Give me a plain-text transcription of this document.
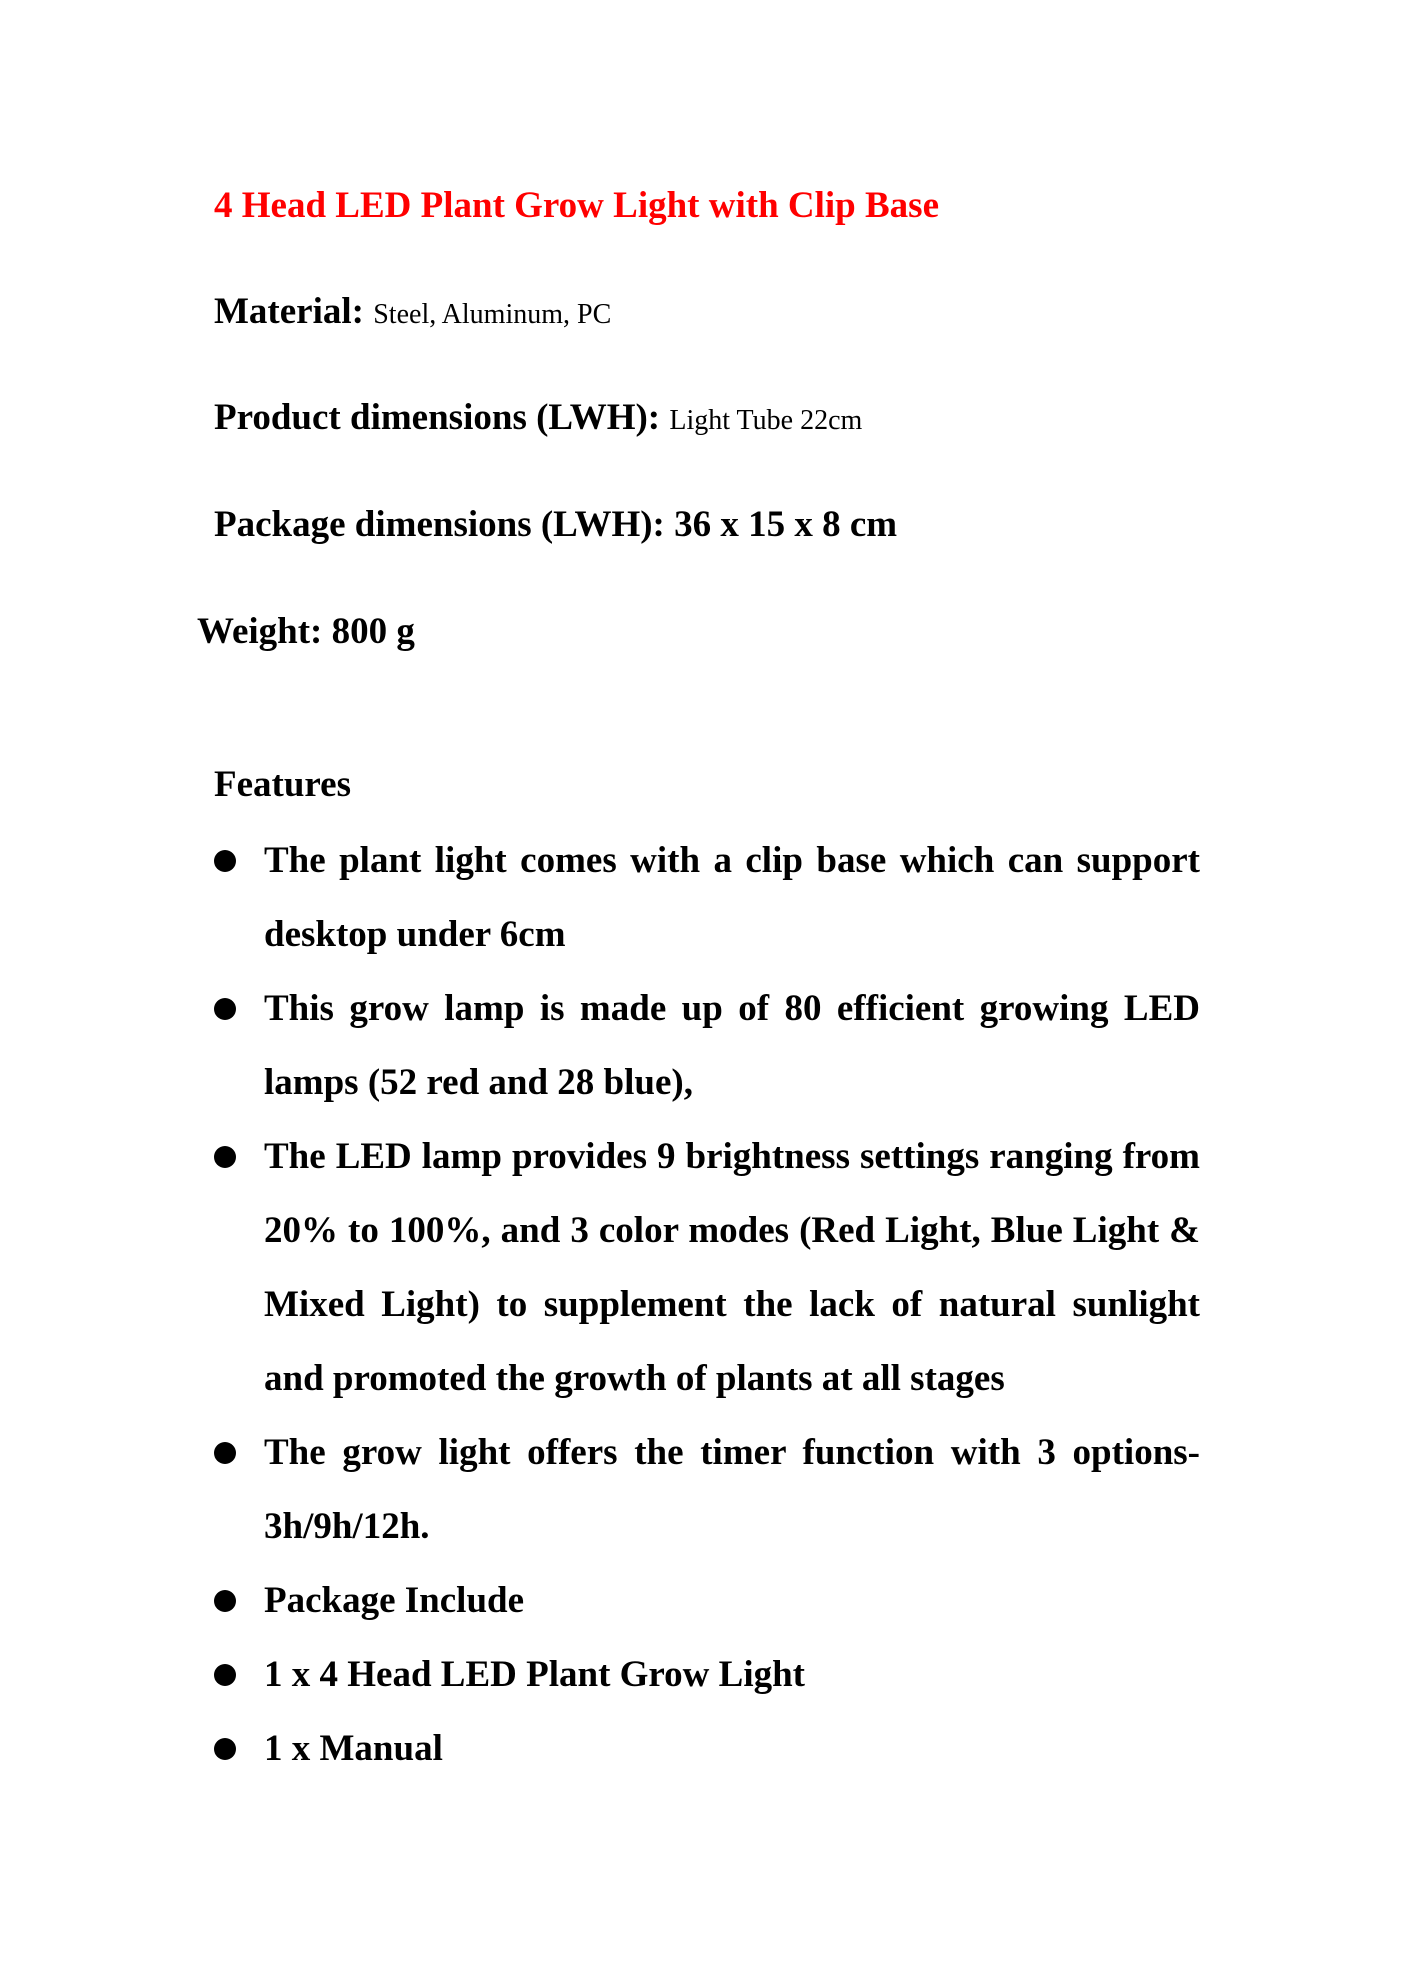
4 Head LED Plant Grow Light with Clip Base

Material: Steel, Aluminum, PC

Product dimensions (LWH): Light Tube 22cm

Package dimensions (LWH): 36 x 15 x 8 cm

Weight: 800 g

Features
The plant light comes with a clip base which can support desktop under 6cm
This grow lamp is made up of 80 efficient growing LED lamps (52 red and 28 blue),
The LED lamp provides 9 brightness settings ranging from 20% to 100%, and 3 color modes (Red Light, Blue Light & Mixed Light) to supplement the lack of natural sunlight and promoted the growth of plants at all stages
The grow light offers the timer function with 3 options-3h/9h/12h.
Package Include
1 x 4 Head LED Plant Grow Light
1 x Manual
